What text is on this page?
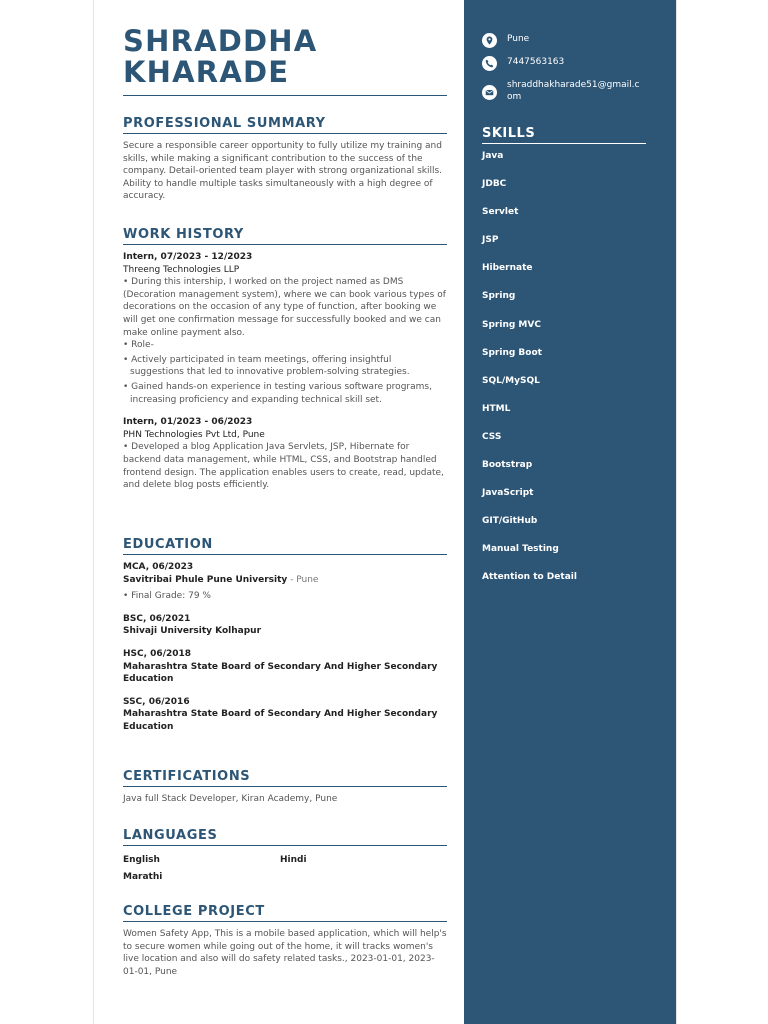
SHRADDHA
KHARADE
PROFESSIONAL SUMMARY

Secure a responsible career opportunity to fully utilize my training and skills, while making a significant contribution to the success of the company. Detail-oriented team player with strong organizational skills. Ability to handle multiple tasks simultaneously with a high degree of accuracy.

WORK HISTORY

Intern, 07/2023 - 12/2023

Threeng Technologies LLP

• During this intership, I worked on the project named as DMS (Decoration management system), where we can book various types of decorations on the occasion of any type of function, after booking we will get one confirmation message for successfully booked and we can make online payment also.

• Role-

• Actively participated in team meetings, offering insightful suggestions that led to innovative problem-solving strategies.
• Gained hands-on experience in testing various software programs, increasing proficiency and expanding technical skill set.

Intern, 01/2023 - 06/2023

PHN Technologies Pvt Ltd, Pune

• Developed a blog Application Java Servlets, JSP, Hibernate for backend data management, while HTML, CSS, and Bootstrap handled frontend design. The application enables users to create, read, update, and delete blog posts efficiently.

EDUCATION

MCA, 06/2023

Savitribai Phule Pune University - Pune

• Final Grade: 79 %

BSC, 06/2021

Shivaji University Kolhapur

HSC, 06/2018

Maharashtra State Board of Secondary And Higher Secondary Education

SSC, 06/2016

Maharashtra State Board of Secondary And Higher Secondary Education

CERTIFICATIONS

Java full Stack Developer, Kiran Academy, Pune

LANGUAGES
English	Hindi
Marathi
COLLEGE PROJECT

Women Safety App, This is a mobile based application, which will help's to secure women while going out of the home, it will tracks women's live location and also will do safety related tasks., 2023-01-01, 2023-01-01, Pune

Pune
7447563163
shraddhakharade51@gmail.com
SKILLS
Java
JDBC
Servlet
JSP
Hibernate
Spring
Spring MVC
Spring Boot
SQL/MySQL
HTML
CSS
Bootstrap
JavaScript
GIT/GitHub
Manual Testing
Attention to Detail
